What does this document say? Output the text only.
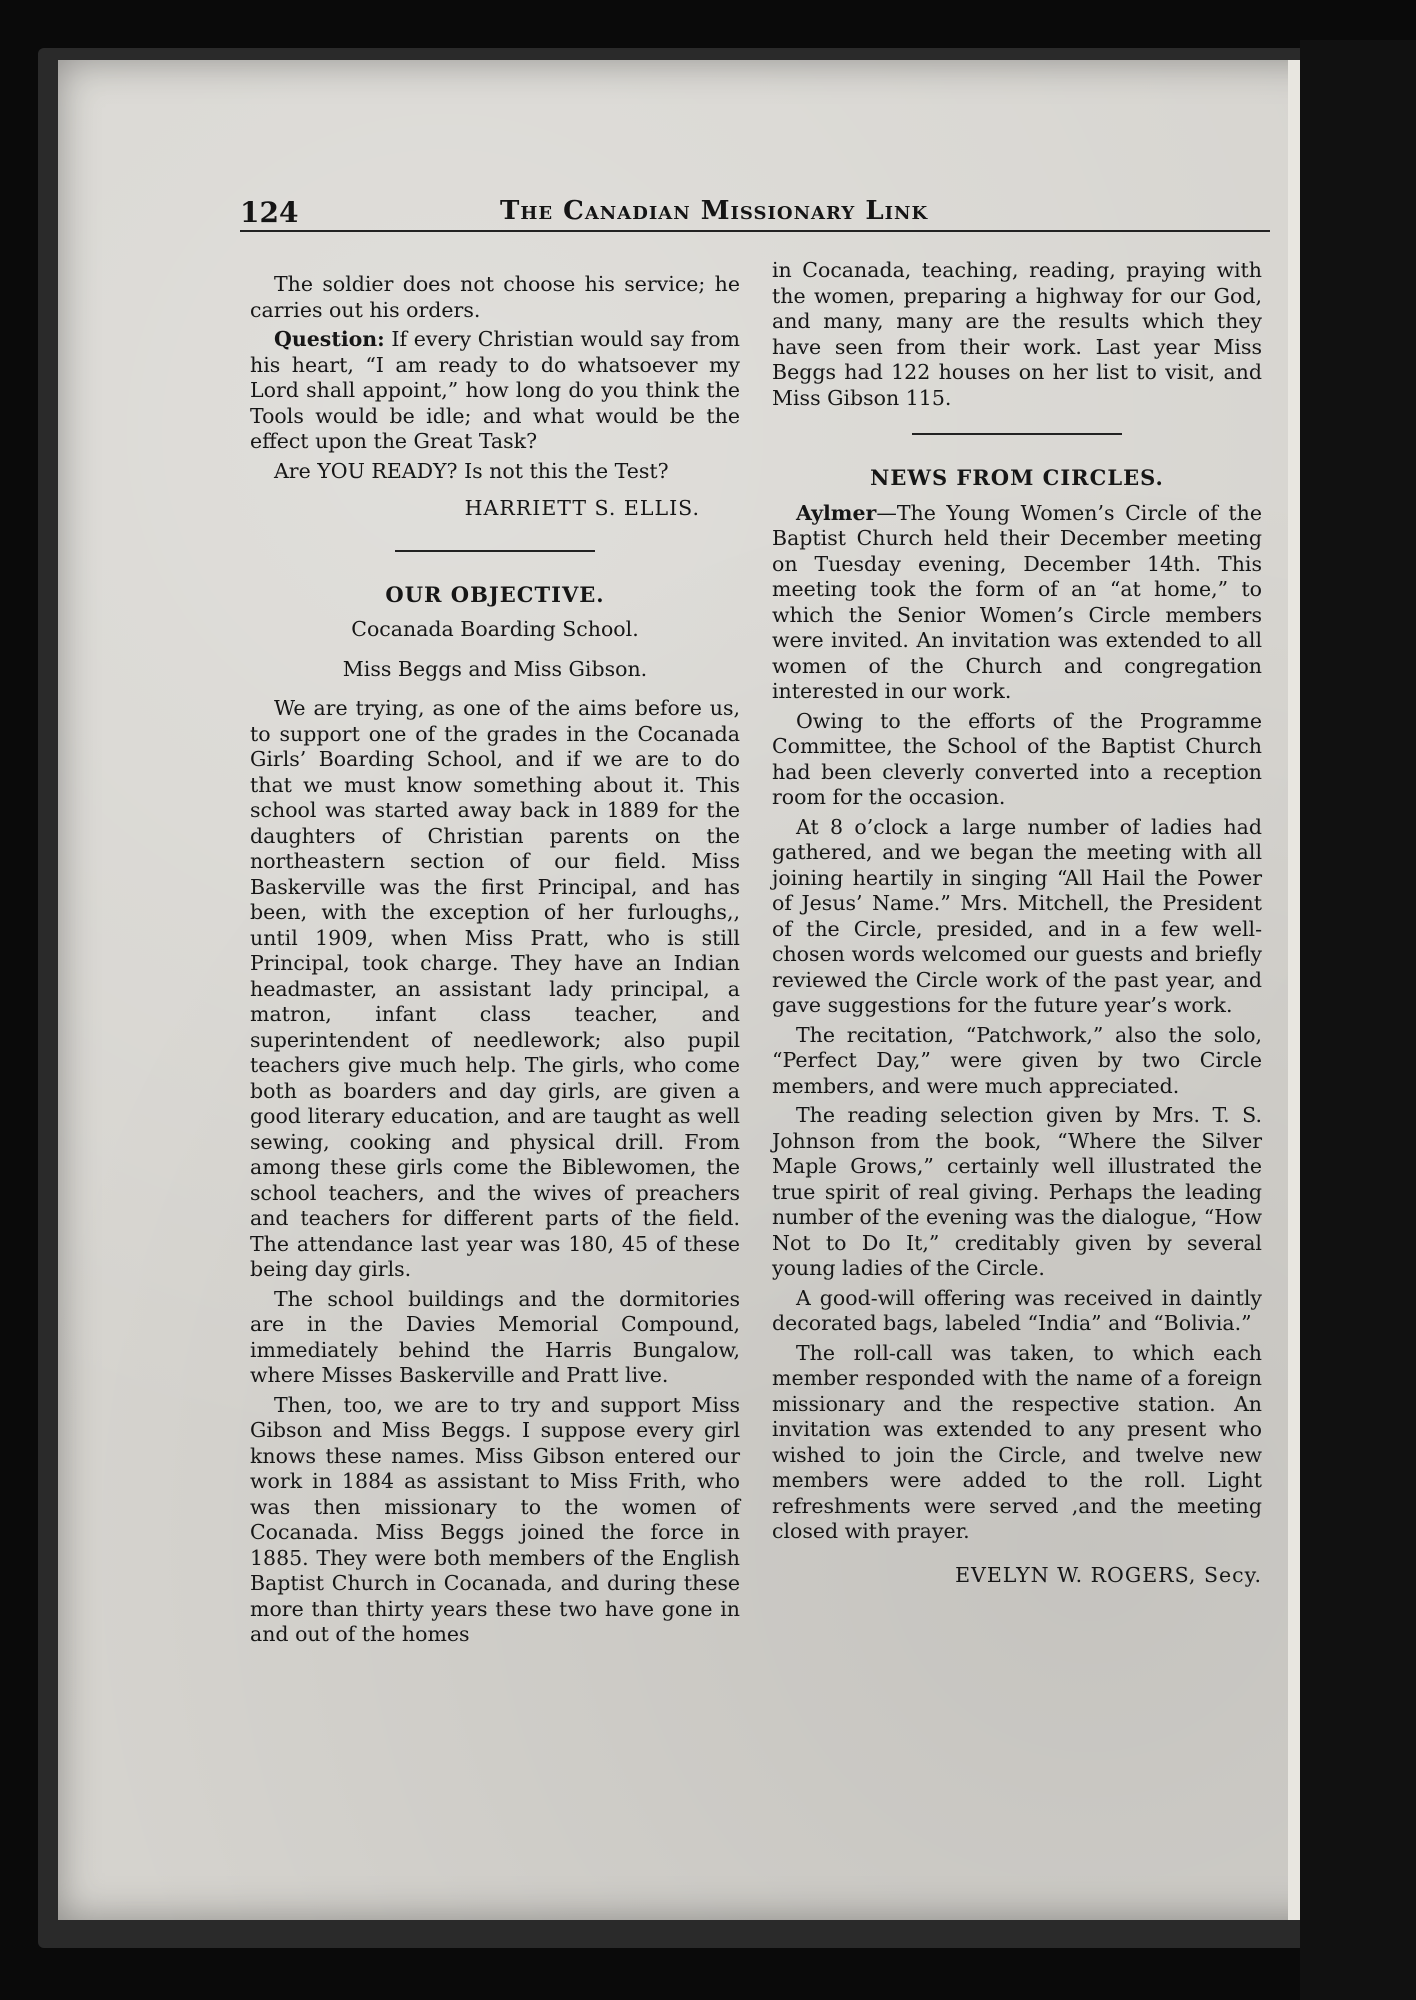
124	The Canadian Missionary Link

The soldier does not choose his service; he carries out his orders.

Question: If every Christian would say from his heart, “I am ready to do whatsoever my Lord shall appoint,” how long do you think the Tools would be idle; and what would be the effect upon the Great Task?

Are YOU READY? Is not this the Test?

HARRIETT S. ELLIS.
OUR OBJECTIVE.
Cocanada Boarding School.
Miss Beggs and Miss Gibson.

We are trying, as one of the aims before us, to support one of the grades in the Cocanada Girls’ Boarding School, and if we are to do that we must know something about it. This school was started away back in 1889 for the daughters of Christian parents on the northeastern section of our field. Miss Baskerville was the first Principal, and has been, with the exception of her furloughs,, until 1909, when Miss Pratt, who is still Principal, took charge. They have an Indian headmaster, an assistant lady principal, a matron, infant class teacher, and superintendent of needlework; also pupil teachers give much help. The girls, who come both as boarders and day girls, are given a good literary education, and are taught as well sewing, cooking and physical drill. From among these girls come the Biblewomen, the school teachers, and the wives of preachers and teachers for different parts of the field. The attendance last year was 180, 45 of these being day girls.

The school buildings and the dormitories are in the Davies Memorial Compound, immediately behind the Harris Bungalow, where Misses Baskerville and Pratt live.

Then, too, we are to try and support Miss Gibson and Miss Beggs. I suppose every girl knows these names. Miss Gibson entered our work in 1884 as assistant to Miss Frith, who was then missionary to the women of Cocanada. Miss Beggs joined the force in 1885. They were both members of the English Baptist Church in Cocanada, and during these more than thirty years these two have gone in and out of the homes

in Cocanada, teaching, reading, praying with the women, preparing a highway for our God, and many, many are the results which they have seen from their work. Last year Miss Beggs had 122 houses on her list to visit, and Miss Gibson 115.

NEWS FROM CIRCLES.

Aylmer—The Young Women’s Circle of the Baptist Church held their December meeting on Tuesday evening, December 14th. This meeting took the form of an “at home,” to which the Senior Women’s Circle members were invited. An invitation was extended to all women of the Church and congregation interested in our work.

Owing to the efforts of the Programme Committee, the School of the Baptist Church had been cleverly converted into a reception room for the occasion.

At 8 o’clock a large number of ladies had gathered, and we began the meeting with all joining heartily in singing “All Hail the Power of Jesus’ Name.” Mrs. Mitchell, the President of the Circle, presided, and in a few well-chosen words welcomed our guests and briefly reviewed the Circle work of the past year, and gave suggestions for the future year’s work.

The recitation, “Patchwork,” also the solo, “Perfect Day,” were given by two Circle members, and were much appreciated.

The reading selection given by Mrs. T. S. Johnson from the book, “Where the Silver Maple Grows,” certainly well illustrated the true spirit of real giving. Perhaps the leading number of the evening was the dialogue, “How Not to Do It,” creditably given by several young ladies of the Circle.

A good-will offering was received in daintly decorated bags, labeled “India” and “Bolivia.”

The roll-call was taken, to which each member responded with the name of a foreign missionary and the respective station. An invitation was extended to any present who wished to join the Circle, and twelve new members were added to the roll. Light refreshments were served ,and the meeting closed with prayer.

EVELYN W. ROGERS, Secy.
